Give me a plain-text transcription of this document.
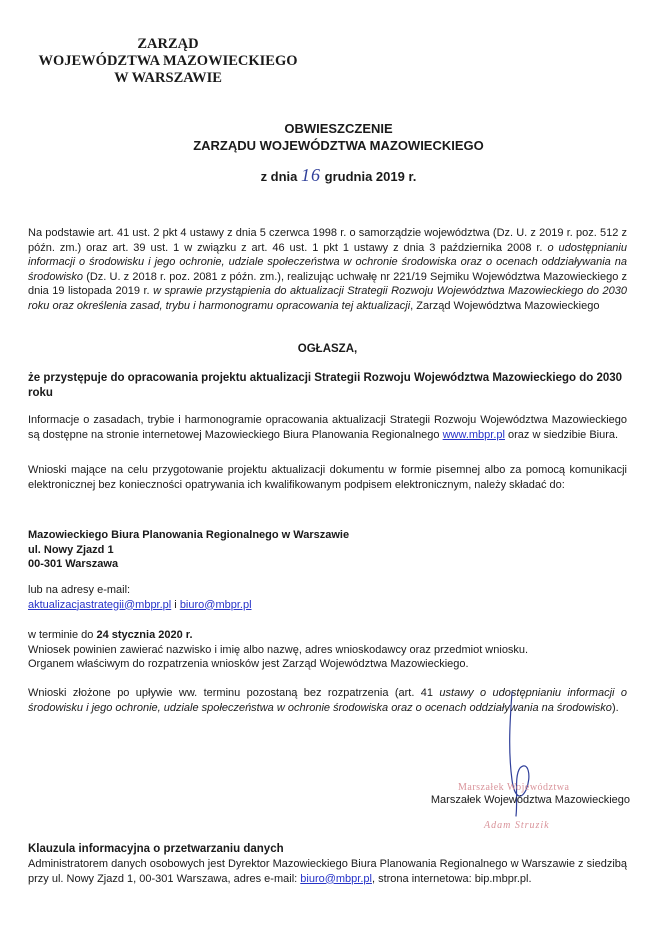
ZARZĄD
WOJEWÓDZTWA MAZOWIECKIEGO
W WARSZAWIE
OBWIESZCZENIE
ZARZĄDU WOJEWÓDZTWA MAZOWIECKIEGO
z dnia 16 grudnia 2019 r.

Na podstawie art. 41 ust. 2 pkt 4 ustawy z dnia 5 czerwca 1998 r. o samorządzie województwa (Dz. U. z 2019 r. poz. 512 z późn. zm.) oraz art. 39 ust. 1 w związku z art. 46 ust. 1 pkt 1 ustawy z dnia 3 października 2008 r. o udostępnianiu informacji o środowisku i jego ochronie, udziale społeczeństwa w ochronie środowiska oraz o ocenach oddziaływania na środowisko (Dz. U. z 2018 r. poz. 2081 z późn. zm.), realizując uchwałę nr 221/19 Sejmiku Województwa Mazowieckiego z dnia 19 listopada 2019 r. w sprawie przystąpienia do aktualizacji Strategii Rozwoju Województwa Mazowieckiego do 2030 roku oraz określenia zasad, trybu i harmonogramu opracowania tej aktualizacji, Zarząd Województwa Mazowieckiego

OGŁASZA,
że przystępuje do opracowania projektu aktualizacji Strategii Rozwoju Województwa Mazowieckiego do 2030 roku
Informacje o zasadach, trybie i harmonogramie opracowania aktualizacji Strategii Rozwoju Województwa Mazowieckiego są dostępne na stronie internetowej Mazowieckiego Biura Planowania Regionalnego www.mbpr.pl oraz w siedzibie Biura.
Wnioski mające na celu przygotowanie projektu aktualizacji dokumentu w formie pisemnej albo za pomocą komunikacji elektronicznej bez konieczności opatrywania ich kwalifikowanym podpisem elektronicznym, należy składać do:
Mazowieckiego Biura Planowania Regionalnego w Warszawie
ul. Nowy Zjazd 1
00-301 Warszawa
lub na adresy e-mail:
aktualizacjastrategii@mbpr.pl i biuro@mbpr.pl
w terminie do 24 stycznia 2020 r.
Wniosek powinien zawierać nazwisko i imię albo nazwę, adres wnioskodawcy oraz przedmiot wniosku.
Organem właściwym do rozpatrzenia wniosków jest Zarząd Województwa Mazowieckiego.
Wnioski złożone po upływie ww. terminu pozostaną bez rozpatrzenia (art. 41 ustawy o udostępnianiu informacji o środowisku i jego ochronie, udziale społeczeństwa w ochronie środowiska oraz o ocenach oddziaływania na środowisko).
Marszałek Województwa
Marszałek Województwa Mazowieckiego
Adam Struzik
Klauzula informacyjna o przetwarzaniu danych
Administratorem danych osobowych jest Dyrektor Mazowieckiego Biura Planowania Regionalnego w Warszawie z siedzibą przy ul. Nowy Zjazd 1, 00-301 Warszawa, adres e-mail: biuro@mbpr.pl, strona internetowa: bip.mbpr.pl.
